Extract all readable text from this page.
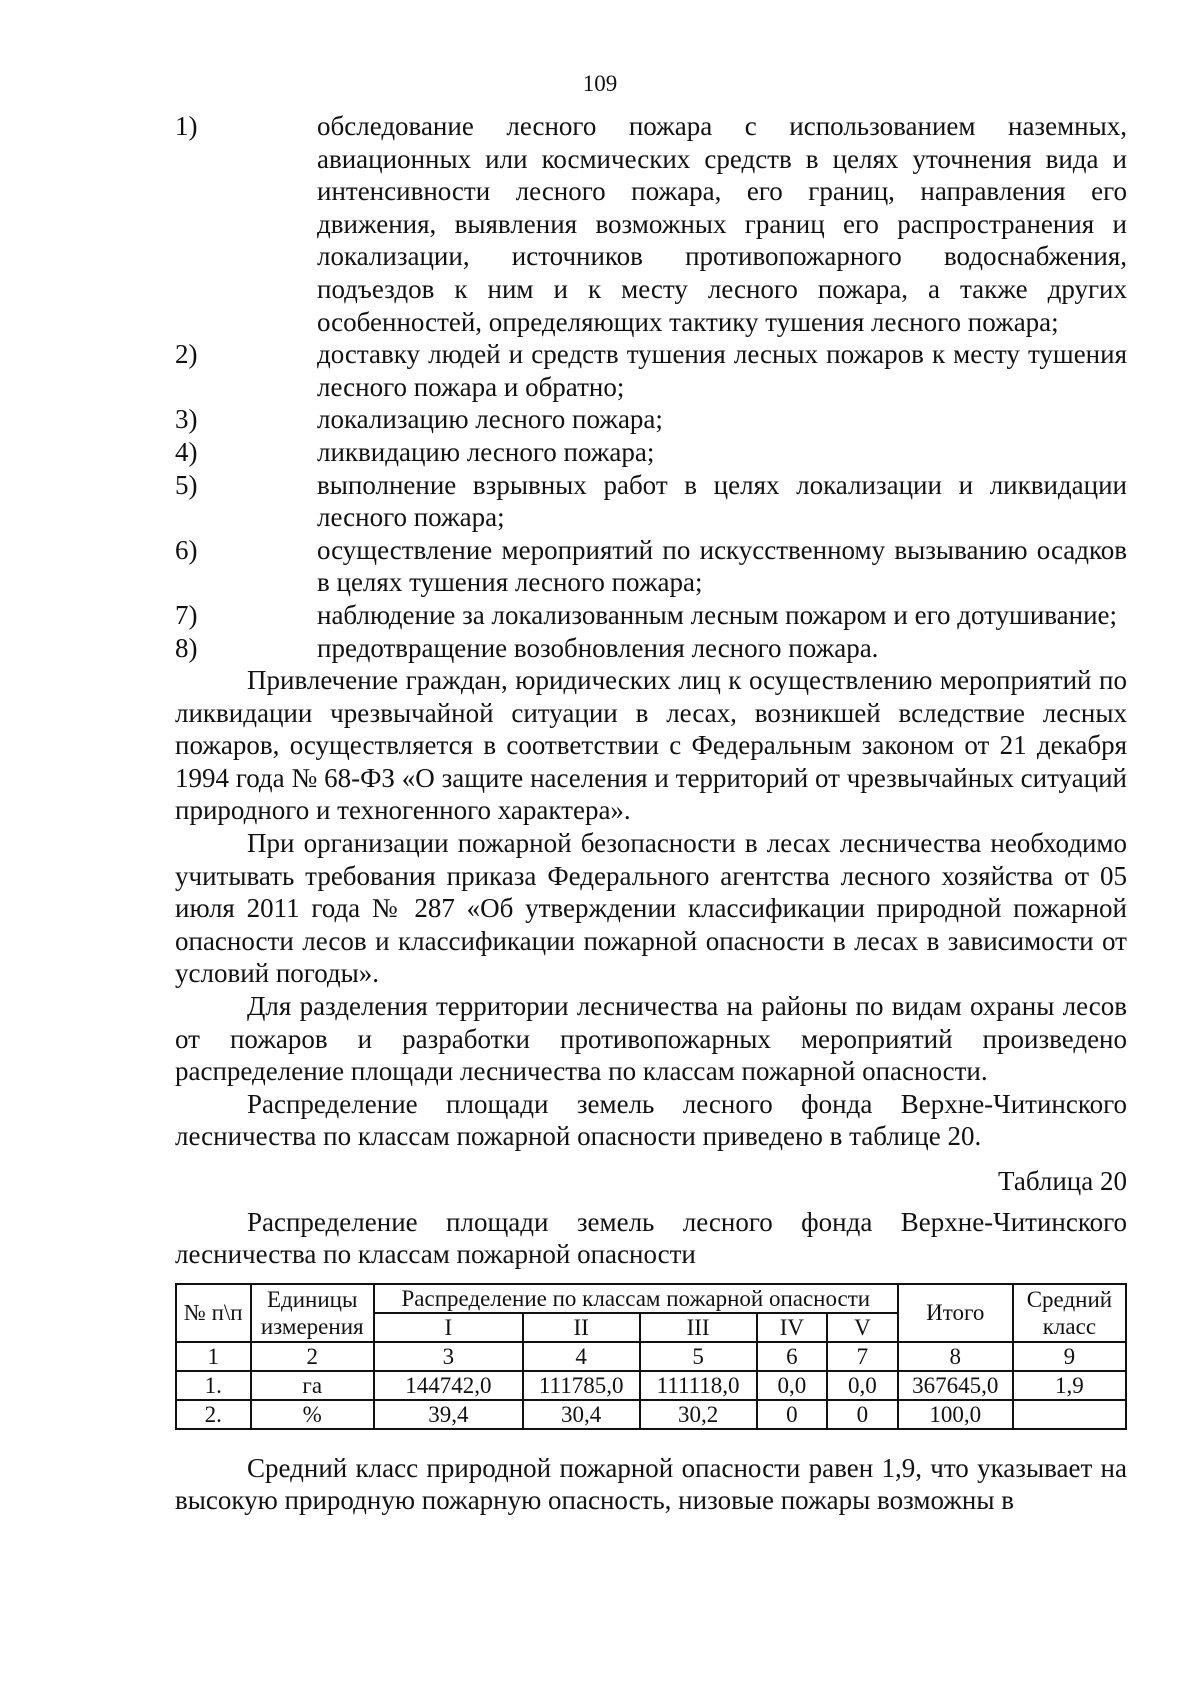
109
1)	обследование лесного пожара с использованием наземных, авиационных или космических средств в целях уточнения вида и интенсивности лесного пожара, его границ, направления его движения, выявления возможных границ его распространения и локализации, источников противопожарного водоснабжения, подъездов к ним и к месту лесного пожара, а также других особенностей, определяющих тактику тушения лесного пожара;
2)	доставку людей и средств тушения лесных пожаров к месту тушения лесного пожара и обратно;
3)	локализацию лесного пожара;
4)	ликвидацию лесного пожара;
5)	выполнение взрывных работ в целях локализации и ликвидации лесного пожара;
6)	осуществление мероприятий по искусственному вызыванию осадков в целях тушения лесного пожара;
7)	наблюдение за локализованным лесным пожаром и его дотушивание;
8)	предотвращение возобновления лесного пожара.

Привлечение граждан, юридических лиц к осуществлению мероприятий по ликвидации чрезвычайной ситуации в лесах, возникшей вследствие лесных пожаров, осуществляется в соответствии с Федеральным законом от 21 декабря 1994 года № 68-ФЗ «О защите населения и территорий от чрезвычайных ситуаций природного и техногенного характера».

При организации пожарной безопасности в лесах лесничества необходимо учитывать требования приказа Федерального агентства лесного хозяйства от 05 июля 2011 года № 287 «Об утверждении классификации природной пожарной опасности лесов и классификации пожарной опасности в лесах в зависимости от условий погоды».

Для разделения территории лесничества на районы по видам охраны лесов от пожаров и разработки противопожарных мероприятий произведено распределение площади лесничества по классам пожарной опасности.

Распределение площади земель лесного фонда Верхне-Читинского лесничества по классам пожарной опасности приведено в таблице 20.

Таблица 20
Распределение площади земель лесного фонда Верхне-Читинского лесничества по классам пожарной опасности
№ п\п	Единицы измерения	Распределение по классам пожарной опасности					Итого	Средний класс
		I	II	III	IV	V		
1	2	3	4	5	6	7	8	9
1.	га	144742,0	111785,0	111118,0	0,0	0,0	367645,0	1,9
2.	%	39,4	30,4	30,2	0	0	100,0	

Средний класс природной пожарной опасности равен 1,9, что указывает на высокую природную пожарную опасность, низовые пожары возможны в
